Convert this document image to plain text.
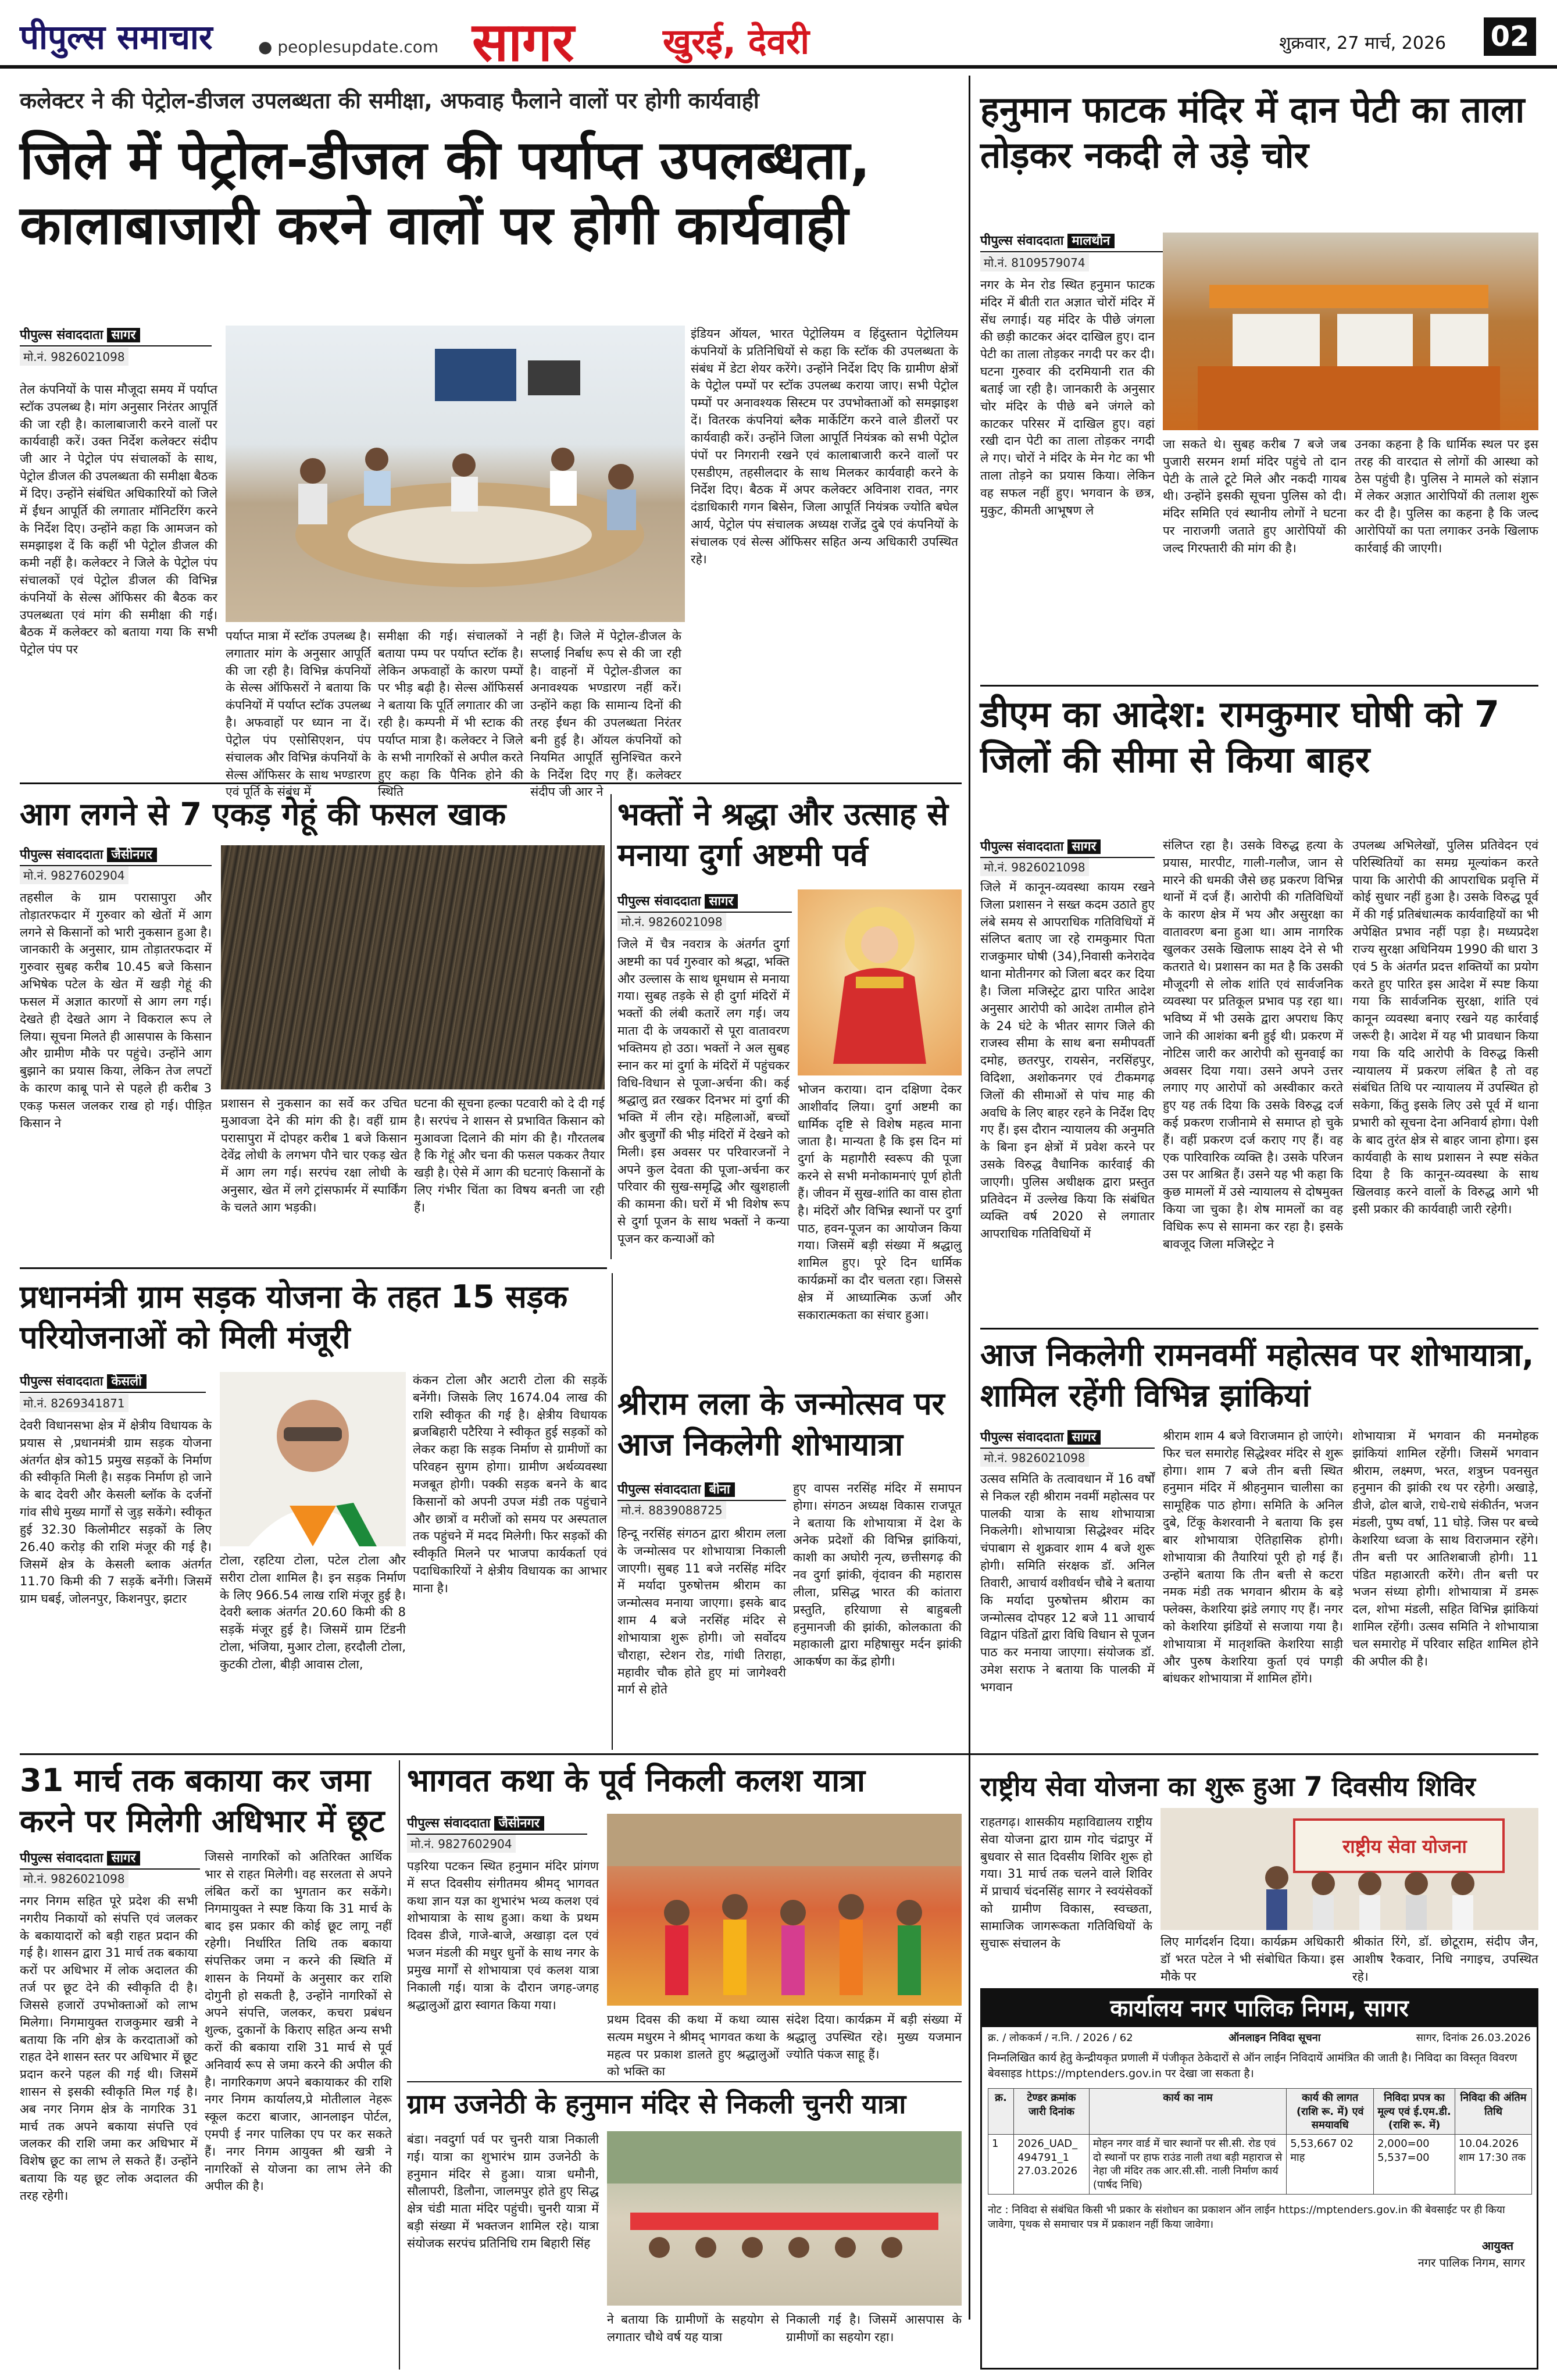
पीपुल्स समाचार	● peoplesupdate.com सागर	खुरई, देवरी	शुक्रवार, 27 मार्च, 2026 02
कलेक्टर ने की पेट्रोल-डीजल उपलब्धता की समीक्षा, अफवाह फैलाने वालों पर होगी कार्यवाही
जिले में पेट्रोल-डीजल की पर्याप्त उपलब्धता, कालाबाजारी करने वालों पर होगी कार्यवाही
पीपुल्स संवाददाता सागर
मो.नं. 9826021098
तेल कंपनियों के पास मौजूदा समय में पर्याप्त स्टॉक उपलब्ध है। मांग अनुसार निरंतर आपूर्ति की जा रही है। कालाबाजारी करने वालों पर कार्यवाही करें। उक्त निर्देश कलेक्टर संदीप जी आर ने पेट्रोल पंप संचालकों के साथ, पेट्रोल डीजल की उपलब्धता की समीक्षा बैठक में दिए। उन्होंने संबंधित अधिकारियों को जिले में ईंधन आपूर्ति की लगातार मॉनिटरिंग करने के निर्देश दिए। उन्होंने कहा कि आमजन को समझाइश दें कि कहीं भी पेट्रोल डीजल की कमी नहीं है। कलेक्टर ने जिले के पेट्रोल पंप संचालकों एवं पेट्रोल डीजल की विभिन्न कंपनियों के सेल्स ऑफिसर की बैठक कर उपलब्धता एवं मांग की समीक्षा की गई। बैठक में कलेक्टर को बताया गया कि सभी पेट्रोल पंप पर
पर्याप्त मात्रा में स्टॉक उपलब्ध है। लगातार मांग के अनुसार आपूर्ति की जा रही है। विभिन्न कंपनियों के सेल्स ऑफिसरों ने बताया कि कंपनियों में पर्याप्त स्टॉक उपलब्ध है। अफवाहों पर ध्यान ना दें। पेट्रोल पंप एसोसिएशन, पंप संचालक और विभिन्न कंपनियों के सेल्स ऑफिसर के साथ भण्डारण एवं पूर्ति के संबंध में
समीक्षा की गई। संचालकों ने बताया पम्प पर पर्याप्त स्टॉक है। लेकिन अफवाहों के कारण पम्पों पर भीड़ बढ़ी है। सेल्स ऑफिसर्स ने बताया कि पूर्ति लगातार की जा रही है। कम्पनी में भी स्टाक की पर्याप्त मात्रा है। कलेक्टर ने जिले के सभी नागरिकों से अपील करते हुए कहा कि पैनिक होने की स्थिति
नहीं है। जिले में पेट्रोल-डीजल के सप्लाई निर्बाध रूप से की जा रही है। वाहनों में पेट्रोल-डीजल का अनावश्यक भण्डारण नहीं करें। उन्होंने कहा कि सामान्य दिनों की तरह ईंधन की उपलब्धता निरंतर बनी हुई है। ऑयल कंपनियों को नियमित आपूर्ति सुनिश्चित करने के निर्देश दिए गए हैं। कलेक्टर संदीप जी आर ने
इंडियन ऑयल, भारत पेट्रोलियम व हिंदुस्तान पेट्रोलियम कंपनियों के प्रतिनिधियों से कहा कि स्टॉक की उपलब्धता के संबंध में डेटा शेयर करेंगे। उन्होंने निर्देश दिए कि ग्रामीण क्षेत्रों के पेट्रोल पम्पों पर स्टॉक उपलब्ध कराया जाए। सभी पेट्रोल पम्पों पर अनावश्यक सिस्टम पर उपभोक्ताओं को समझाइश दें। वितरक कंपनियां ब्लैक मार्केटिंग करने वाले डीलरों पर कार्यवाही करें। उन्होंने जिला आपूर्ति नियंत्रक को सभी पेट्रोल पंपों पर निगरानी रखने एवं कालाबाजारी करने वालों पर एसडीएम, तहसीलदार के साथ मिलकर कार्यवाही करने के निर्देश दिए। बैठक में अपर कलेक्टर अविनाश रावत, नगर दंडाधिकारी गगन बिसेन, जिला आपूर्ति नियंत्रक ज्योति बघेल आर्य, पेट्रोल पंप संचालक अध्यक्ष राजेंद्र दुबे एवं कंपनियों के संचालक एवं सेल्स ऑफिसर सहित अन्य अधिकारी उपस्थित रहे।
हनुमान फाटक मंदिर में दान पेटी का ताला तोड़कर नकदी ले उड़े चोर
पीपुल्स संवाददाता मालथौन
मो.नं. 8109579074
नगर के मेन रोड स्थित हनुमान फाटक मंदिर में बीती रात अज्ञात चोरों मंदिर में सेंध लगाई। यह मंदिर के पीछे जंगला की छड़ी काटकर अंदर दाखिल हुए। दान पेटी का ताला तोड़कर नगदी पर कर दी। घटना गुरुवार की दरमियानी रात की बताई जा रही है। जानकारी के अनुसार चोर मंदिर के पीछे बने जंगले को काटकर परिसर में दाखिल हुए। वहां रखी दान पेटी का ताला तोड़कर नगदी ले गए। चोरों ने मंदिर के मेन गेट का भी ताला तोड़ने का प्रयास किया। लेकिन वह सफल नहीं हुए। भगवान के छत्र, मुकुट, कीमती आभूषण ले
जा सकते थे। सुबह करीब 7 बजे जब पुजारी सरमन शर्मा मंदिर पहुंचे तो दान पेटी के ताले टूटे मिले और नकदी गायब थी। उन्होंने इसकी सूचना पुलिस को दी। मंदिर समिति एवं स्थानीय लोगों ने घटना पर नाराजगी जताते हुए आरोपियों की जल्द गिरफ्तारी की मांग की है।
उनका कहना है कि धार्मिक स्थल पर इस तरह की वारदात से लोगों की आस्था को ठेस पहुंची है। पुलिस ने मामले को संज्ञान में लेकर अज्ञात आरोपियों की तलाश शुरू कर दी है। पुलिस का कहना है कि जल्द आरोपियों का पता लगाकर उनके खिलाफ कार्रवाई की जाएगी।
डीएम का आदेश: रामकुमार घोषी को 7 जिलों की सीमा से किया बाहर
पीपुल्स संवाददाता सागर
मो.नं. 9826021098
जिले में कानून-व्यवस्था कायम रखने जिला प्रशासन ने सख्त कदम उठाते हुए लंबे समय से आपराधिक गतिविधियों में संलिप्त बताए जा रहे रामकुमार पिता राजकुमार घोषी (34),निवासी कनेरादेव थाना मोतीनगर को जिला बदर कर दिया है। जिला मजिस्ट्रेट द्वारा पारित आदेश अनुसार आरोपी को आदेश तामील होने के 24 घंटे के भीतर सागर जिले की राजस्व सीमा के साथ बना समीपवर्ती दमोह, छतरपुर, रायसेन, नरसिंहपुर, विदिशा, अशोकनगर एवं टीकमगढ़ जिलों की सीमाओं से पांच माह की अवधि के लिए बाहर रहने के निर्देश दिए गए हैं। इस दौरान न्यायालय की अनुमति के बिना इन क्षेत्रों में प्रवेश करने पर उसके विरुद्ध वैधानिक कार्रवाई की जाएगी। पुलिस अधीक्षक द्वारा प्रस्तुत प्रतिवेदन में उल्लेख किया कि संबंधित व्यक्ति वर्ष 2020 से लगातार आपराधिक गतिविधियों में
संलिप्त रहा है। उसके विरुद्ध हत्या के प्रयास, मारपीट, गाली-गलौज, जान से मारने की धमकी जैसे छह प्रकरण विभिन्न थानों में दर्ज हैं। आरोपी की गतिविधियों के कारण क्षेत्र में भय और असुरक्षा का वातावरण बना हुआ था। आम नागरिक खुलकर उसके खिलाफ साक्ष्य देने से भी कतराते थे। प्रशासन का मत है कि उसकी मौजूदगी से लोक शांति एवं सार्वजनिक व्यवस्था पर प्रतिकूल प्रभाव पड़ रहा था। भविष्य में भी उसके द्वारा अपराध किए जाने की आशंका बनी हुई थी। प्रकरण में नोटिस जारी कर आरोपी को सुनवाई का अवसर दिया गया। उसने अपने उत्तर लगाए गए आरोपों को अस्वीकार करते हुए यह तर्क दिया कि उसके विरुद्ध दर्ज कई प्रकरण राजीनामे से समाप्त हो चुके हैं। वहीं प्रकरण दर्ज कराए गए हैं। वह एक पारिवारिक व्यक्ति है। उसके परिजन उस पर आश्रित हैं। उसने यह भी कहा कि कुछ मामलों में उसे न्यायालय से दोषमुक्त किया जा चुका है। शेष मामलों का वह विधिक रूप से सामना कर रहा है। इसके बावजूद जिला मजिस्ट्रेट ने
उपलब्ध अभिलेखों, पुलिस प्रतिवेदन एवं परिस्थितियों का समग्र मूल्यांकन करते पाया कि आरोपी की आपराधिक प्रवृत्ति में कोई सुधार नहीं हुआ है। उसके विरुद्ध पूर्व में की गई प्रतिबंधात्मक कार्यवाहियों का भी अपेक्षित प्रभाव नहीं पड़ा है। मध्यप्रदेश राज्य सुरक्षा अधिनियम 1990 की धारा 3 एवं 5 के अंतर्गत प्रदत्त शक्तियों का प्रयोग करते हुए पारित इस आदेश में स्पष्ट किया गया कि सार्वजनिक सुरक्षा, शांति एवं कानून व्यवस्था बनाए रखने यह कार्रवाई जरूरी है। आदेश में यह भी प्रावधान किया गया कि यदि आरोपी के विरुद्ध किसी न्यायालय में प्रकरण लंबित है तो वह संबंधित तिथि पर न्यायालय में उपस्थित हो सकेगा, किंतु इसके लिए उसे पूर्व में थाना प्रभारी को सूचना देना अनिवार्य होगा। पेशी के बाद तुरंत क्षेत्र से बाहर जाना होगा। इस कार्यवाही के साथ प्रशासन ने स्पष्ट संकेत दिया है कि कानून-व्यवस्था के साथ खिलवाड़ करने वालों के विरुद्ध आगे भी इसी प्रकार की कार्यवाही जारी रहेगी।
आग लगने से 7 एकड़ गेहूं की फसल खाक
पीपुल्स संवाददाता जैसीनगर
मो.नं. 9827602904
तहसील के ग्राम परासापुरा और तोड़ातरफदार में गुरुवार को खेतों में आग लगने से किसानों को भारी नुकसान हुआ है। जानकारी के अनुसार, ग्राम तोड़ातरफदार में गुरुवार सुबह करीब 10.45 बजे किसान अभिषेक पटेल के खेत में खड़ी गेहूं की फसल में अज्ञात कारणों से आग लग गई। देखते ही देखते आग ने विकराल रूप ले लिया। सूचना मिलते ही आसपास के किसान और ग्रामीण मौके पर पहुंचे। उन्होंने आग बुझाने का प्रयास किया, लेकिन तेज लपटों के कारण काबू पाने से पहले ही करीब 3 एकड़ फसल जलकर राख हो गई। पीड़ित किसान ने
प्रशासन से नुकसान का सर्वे कर उचित मुआवजा देने की मांग की है। वहीं ग्राम परासापुरा में दोपहर करीब 1 बजे किसान देवेंद्र लोधी के लगभग पौने चार एकड़ खेत में आग लग गई। सरपंच रक्षा लोधी के अनुसार, खेत में लगे ट्रांसफार्मर में स्पार्किंग के चलते आग भड़की।
घटना की सूचना हल्का पटवारी को दे दी गई है। सरपंच ने शासन से प्रभावित किसान को मुआवजा दिलाने की मांग की है। गौरतलब है कि गेहूं और चना की फसल पककर तैयार खड़ी है। ऐसे में आग की घटनाएं किसानों के लिए गंभीर चिंता का विषय बनती जा रही हैं।
भक्तों ने श्रद्धा और उत्साह से मनाया दुर्गा अष्टमी पर्व
पीपुल्स संवाददाता सागर
मो.नं. 9826021098
जिले में चैत्र नवरात्र के अंतर्गत दुर्गा अष्टमी का पर्व गुरुवार को श्रद्धा, भक्ति और उल्लास के साथ धूमधाम से मनाया गया। सुबह तड़के से ही दुर्गा मंदिरों में भक्तों की लंबी कतारें लग गई। जय माता दी के जयकारों से पूरा वातावरण भक्तिमय हो उठा। भक्तों ने अल सुबह स्नान कर मां दुर्गा के मंदिरों में पहुंचकर विधि-विधान से पूजा-अर्चना की। कई श्रद्धालु व्रत रखकर दिनभर मां दुर्गा की भक्ति में लीन रहे। महिलाओं, बच्चों और बुजुर्गों की भीड़ मंदिरों में देखने को मिली। इस अवसर पर परिवारजनों ने अपने कुल देवता की पूजा-अर्चना कर परिवार की सुख-समृद्धि और खुशहाली की कामना की। घरों में भी विशेष रूप से दुर्गा पूजन के साथ भक्तों ने कन्या पूजन कर कन्याओं को
भोजन कराया। दान दक्षिणा देकर आशीर्वाद लिया। दुर्गा अष्टमी का धार्मिक दृष्टि से विशेष महत्व माना जाता है। मान्यता है कि इस दिन मां दुर्गा के महागौरी स्वरूप की पूजा करने से सभी मनोकामनाएं पूर्ण होती हैं। जीवन में सुख-शांति का वास होता है। मंदिरों और विभिन्न स्थानों पर दुर्गा पाठ, हवन-पूजन का आयोजन किया गया। जिसमें बड़ी संख्या में श्रद्धालु शामिल हुए। पूरे दिन धार्मिक कार्यक्रमों का दौर चलता रहा। जिससे क्षेत्र में आध्यात्मिक ऊर्जा और सकारात्मकता का संचार हुआ।
प्रधानमंत्री ग्राम सड़क योजना के तहत 15 सड़क परियोजनाओं को मिली मंजूरी
पीपुल्स संवाददाता केसली
मो.नं. 8269341871
देवरी विधानसभा क्षेत्र में क्षेत्रीय विधायक के प्रयास से ,प्रधानमंत्री ग्राम सड़क योजना अंतर्गत क्षेत्र को15 प्रमुख सड़कों के निर्माण की स्वीकृति मिली है। सड़क निर्माण हो जाने के बाद देवरी और केसली ब्लॉक के दर्जनों गांव सीधे मुख्य मार्गों से जुड़ सकेंगे। स्वीकृत हुई 32.30 किलोमीटर सड़कों के लिए 26.40 करोड़ की राशि मंजूर की गई है। जिसमें क्षेत्र के केसली ब्लाक अंतर्गत 11.70 किमी की 7 सड़कें बनेंगी। जिसमें ग्राम घबई, जोलनपुर, किशनपुर, झटार
टोला, रहटिया टोला, पटेल टोला और सरीरा टोला शामिल है। इन सड़क निर्माण के लिए 966.54 लाख राशि मंजूर हुई है। देवरी ब्लाक अंतर्गत 20.60 किमी की 8 सड़कें मंजूर हुई है। जिसमें ग्राम टिंडनी टोला, भंजिया, मुआर टोला, हरदौली टोला, कुटकी टोला, बीड़ी आवास टोला,
कंकन टोला और अटारी टोला की सड़कें बनेंगी। जिसके लिए 1674.04 लाख की राशि स्वीकृत की गई है। क्षेत्रीय विधायक ब्रजबिहारी पटैरिया ने स्वीकृत हुई सड़कों को लेकर कहा कि सड़क निर्माण से ग्रामीणों का परिवहन सुगम होगा। ग्रामीण अर्थव्यवस्था मजबूत होगी। पक्की सड़क बनने के बाद किसानों को अपनी उपज मंडी तक पहुंचाने और छात्रों व मरीजों को समय पर अस्पताल तक पहुंचने में मदद मिलेगी। फिर सड़कों की स्वीकृति मिलने पर भाजपा कार्यकर्ता एवं पदाधिकारियों ने क्षेत्रीय विधायक का आभार माना है।
श्रीराम लला के जन्मोत्सव पर आज निकलेगी शोभायात्रा
पीपुल्स संवाददाता बीना
मो.नं. 8839088725
हिन्दू नरसिंह संगठन द्वारा श्रीराम लला के जन्मोत्सव पर शोभायात्रा निकाली जाएगी। सुबह 11 बजे नरसिंह मंदिर में मर्यादा पुरुषोत्तम श्रीराम का जन्मोत्सव मनाया जाएगा। इसके बाद शाम 4 बजे नरसिंह मंदिर से शोभायात्रा शुरू होगी। जो सर्वोदय चौराहा, स्टेशन रोड, गांधी तिराहा, महावीर चौक होते हुए मां जागेश्वरी मार्ग से होते
हुए वापस नरसिंह मंदिर में समापन होगा। संगठन अध्यक्ष विकास राजपूत ने बताया कि शोभायात्रा में देश के अनेक प्रदेशों की विभिन्न झांकियां, काशी का अघोरी नृत्य, छत्तीसगढ़ की नव दुर्गा झांकी, वृंदावन की महारास लीला, प्रसिद्ध भारत की कांतारा प्रस्तुति, हरियाणा से बाहुबली हनुमानजी की झांकी, कोलकाता की महाकाली द्वारा महिषासुर मर्दन झांकी आकर्षण का केंद्र होगी।
आज निकलेगी रामनवमीं महोत्सव पर शोभायात्रा, शामिल रहेंगी विभिन्न झांकियां
पीपुल्स संवाददाता सागर
मो.नं. 9826021098
उत्सव समिति के तत्वावधान में 16 वर्षों से निकल रही श्रीराम नवमीं महोत्सव पर पालकी यात्रा के साथ शोभायात्रा निकलेगी। शोभायात्रा सिद्धेश्वर मंदिर चंपाबाग से शुक्रवार शाम 4 बजे शुरू होगी। समिति संरक्षक डॉ. अनिल तिवारी, आचार्य वशीवर्धन चौबे ने बताया कि मर्यादा पुरुषोत्तम श्रीराम का जन्मोत्सव दोपहर 12 बजे 11 आचार्य विद्वान पंडितों द्वारा विधि विधान से पूजन पाठ कर मनाया जाएगा। संयोजक डॉ. उमेश सराफ ने बताया कि पालकी में भगवान
श्रीराम शाम 4 बजे विराजमान हो जाएंगे। फिर चल समारोह सिद्धेश्वर मंदिर से शुरू होगा। शाम 7 बजे तीन बत्ती स्थित हनुमान मंदिर में श्रीहनुमान चालीसा का सामूहिक पाठ होगा। समिति के अनिल दुबे, टिंकू केशरवानी ने बताया कि इस बार शोभायात्रा ऐतिहासिक होगी। शोभायात्रा की तैयारियां पूरी हो गई हैं। उन्होंने बताया कि तीन बत्ती से कटरा नमक मंडी तक भगवान श्रीराम के बड़े फ्लेक्स, केशरिया झंडे लगाए गए हैं। नगर को केशरिया झंडियों से सजाया गया है। शोभायात्रा में मातृशक्ति केशरिया साड़ी और पुरुष केशरिया कुर्ता एवं पगड़ी बांधकर शोभायात्रा में शामिल होंगे।
शोभायात्रा में भगवान की मनमोहक झांकियां शामिल रहेंगी। जिसमें भगवान श्रीराम, लक्ष्मण, भरत, शत्रुघ्न पवनसुत हनुमान की झांकी रथ पर रहेगी। अखाड़े, डीजे, ढोल बाजे, राधे-राधे संकीर्तन, भजन मंडली, पुष्प वर्षा, 11 घोड़े. जिस पर बच्चे केशरिया ध्वजा के साथ विराजमान रहेंगे। तीन बत्ती पर आतिशबाजी होगी। 11 पंडित महाआरती करेंगे। तीन बत्ती पर भजन संध्या होगी। शोभायात्रा में डमरू दल, शोभा मंडली, सहित विभिन्न झांकियां शामिल रहेंगी। उत्सव समिति ने शोभायात्रा चल समारोह में परिवार सहित शामिल होने की अपील की है।
31 मार्च तक बकाया कर जमा करने पर मिलेगी अधिभार में छूट
पीपुल्स संवाददाता सागर
मो.नं. 9826021098
नगर निगम सहित पूरे प्रदेश की सभी नगरीय निकायों को संपत्ति एवं जलकर के बकायादारों को बड़ी राहत प्रदान की गई है। शासन द्वारा 31 मार्च तक बकाया करों पर अधिभार में लोक अदालत की तर्ज पर छूट देने की स्वीकृति दी है। जिससे हजारों उपभोक्ताओं को लाभ मिलेगा। निगमायुक्त राजकुमार खत्री ने बताया कि नगि क्षेत्र के करदाताओं को राहत देने शासन स्तर पर अधिभार में छूट प्रदान करने पहल की गई थी। जिसमें शासन से इसकी स्वीकृति मिल गई है। अब नगर निगम क्षेत्र के नागरिक 31 मार्च तक अपने बकाया संपत्ति एवं जलकर की राशि जमा कर अधिभार में विशेष छूट का लाभ ले सकते हैं। उन्होंने बताया कि यह छूट लोक अदालत की तरह रहेगी।
जिससे नागरिकों को अतिरिक्त आर्थिक भार से राहत मिलेगी। वह सरलता से अपने लंबित करों का भुगतान कर सकेंगे। निगमायुक्त ने स्पष्ट किया कि 31 मार्च के बाद इस प्रकार की कोई छूट लागू नहीं रहेगी। निर्धारित तिथि तक बकाया संपत्तिकर जमा न करने की स्थिति में शासन के नियमों के अनुसार कर राशि दोगुनी हो सकती है, उन्होंने नागरिकों से अपने संपत्ति, जलकर, कचरा प्रबंधन शुल्क, दुकानों के किराए सहित अन्य सभी करों की बकाया राशि 31 मार्च से पूर्व अनिवार्य रूप से जमा करने की अपील की है। नागरिकगण अपने बकायाकर की राशि नगर निगम कार्यालय,प्रे मोतीलाल नेहरू स्कूल कटरा बाजार, आनलाइन पोर्टल, एमपी ई नगर पालिका एप पर कर सकते हैं। नगर निगम आयुक्त श्री खत्री ने नागरिकों से योजना का लाभ लेने की अपील की है।
भागवत कथा के पूर्व निकली कलश यात्रा
पीपुल्स संवाददाता जैसीनगर
मो.नं. 9827602904
पड़रिया पटकन स्थित हनुमान मंदिर प्रांगण में सप्त दिवसीय संगीतमय श्रीमद् भागवत कथा ज्ञान यज्ञ का शुभारंभ भव्य कलश एवं शोभायात्रा के साथ हुआ। कथा के प्रथम दिवस डीजे, गाजे-बाजे, अखाड़ा दल एवं भजन मंडली की मधुर धुनों के साथ नगर के प्रमुख मार्गों से शोभायात्रा एवं कलश यात्रा निकाली गई। यात्रा के दौरान जगह-जगह श्रद्धालुओं द्वारा स्वागत किया गया।
प्रथम दिवस की कथा में कथा व्यास सत्यम मधुरम ने श्रीमद् भागवत कथा के महत्व पर प्रकाश डालते हुए श्रद्धालुओं को भक्ति का
संदेश दिया। कार्यक्रम में बड़ी संख्या में श्रद्धालु उपस्थित रहे। मुख्य यजमान ज्योति पंकज साहू हैं।
ग्राम उजनेठी के हनुमान मंदिर से निकली चुनरी यात्रा
बंडा। नवदुर्गा पर्व पर चुनरी यात्रा निकाली गई। यात्रा का शुभारंभ ग्राम उजनेठी के हनुमान मंदिर से हुआ। यात्रा धमौनी, सौलापरी, डिलौना, जालमपुर होते हुए सिद्ध क्षेत्र चंडी माता मंदिर पहुंची। चुनरी यात्रा में बड़ी संख्या में भक्तजन शामिल रहे। यात्रा संयोजक सरपंच प्रतिनिधि राम बिहारी सिंह
ने बताया कि ग्रामीणों के सहयोग से लगातार चौथे वर्ष यह यात्रा
निकाली गई है। जिसमें आसपास के ग्रामीणों का सहयोग रहा।
राष्ट्रीय सेवा योजना का शुरू हुआ 7 दिवसीय शिविर
राहतगढ़। शासकीय महाविद्यालय राष्ट्रीय सेवा योजना द्वारा ग्राम गोद चंद्रापुर में बुधवार से सात दिवसीय शिविर शुरू हो गया। 31 मार्च तक चलने वाले शिविर में प्राचार्य चंदनसिंह सागर ने स्वयंसेवकों को ग्रामीण विकास, स्वच्छता, सामाजिक जागरूकता गतिविधियों के सुचारू संचालन के
राष्ट्रीय सेवा योजना
लिए मार्गदर्शन दिया। कार्यक्रम अधिकारी डॉ भरत पटेल ने भी संबोधित किया। इस मौके पर
श्रीकांत रिंगे, डॉ. छोटूराम, संदीप जैन, आशीष रैकवार, निधि नगाइच, उपस्थित रहे।
कार्यालय नगर पालिक निगम, सागर
क्र. / लोककर्म / न.नि. / 2026 / 62	ऑनलाइन निविदा सूचना	सागर, दिनांक 26.03.2026
निम्नलिखित कार्य हेतु केन्द्रीयकृत प्रणाली में पंजीकृत ठेकेदारों से ऑन लाईन निविदायें आमंत्रित की जाती है। निविदा का विस्तृत विवरण बेवसाइड https://mptenders.gov.in पर देखा जा सकता है।
क्र.	टेण्डर क्रमांक जारी दिनांक	कार्य का नाम	कार्य की लागत (राशि रू. में) एवं समयावधि	निविदा प्रपत्र का मूल्य एवं ई.एम.डी. (राशि रू. में)	निविदा की अंतिम तिथि
1	2026_UAD_ 494791_1 27.03.2026	मोहन नगर वार्ड में चार स्थानों पर सी.सी. रोड एवं दो स्थानों पर हाफ राउंड नाली तथा बड़ी महाराज से नेहा जी मंदिर तक आर.सी.सी. नाली निर्माण कार्य (पार्षद निधि)	5,53,667 02 माह	2,000=00 5,537=00	10.04.2026 शाम 17:30 तक
नोट : निविदा से संबंधित किसी भी प्रकार के संशोधन का प्रकाशन ऑन लाईन https://mptenders.gov.in की बेवसाईट पर ही किया जावेगा, पृथक से समाचार पत्र में प्रकाशन नहीं किया जावेगा।
आयुक्त
नगर पालिक निगम, सागर
